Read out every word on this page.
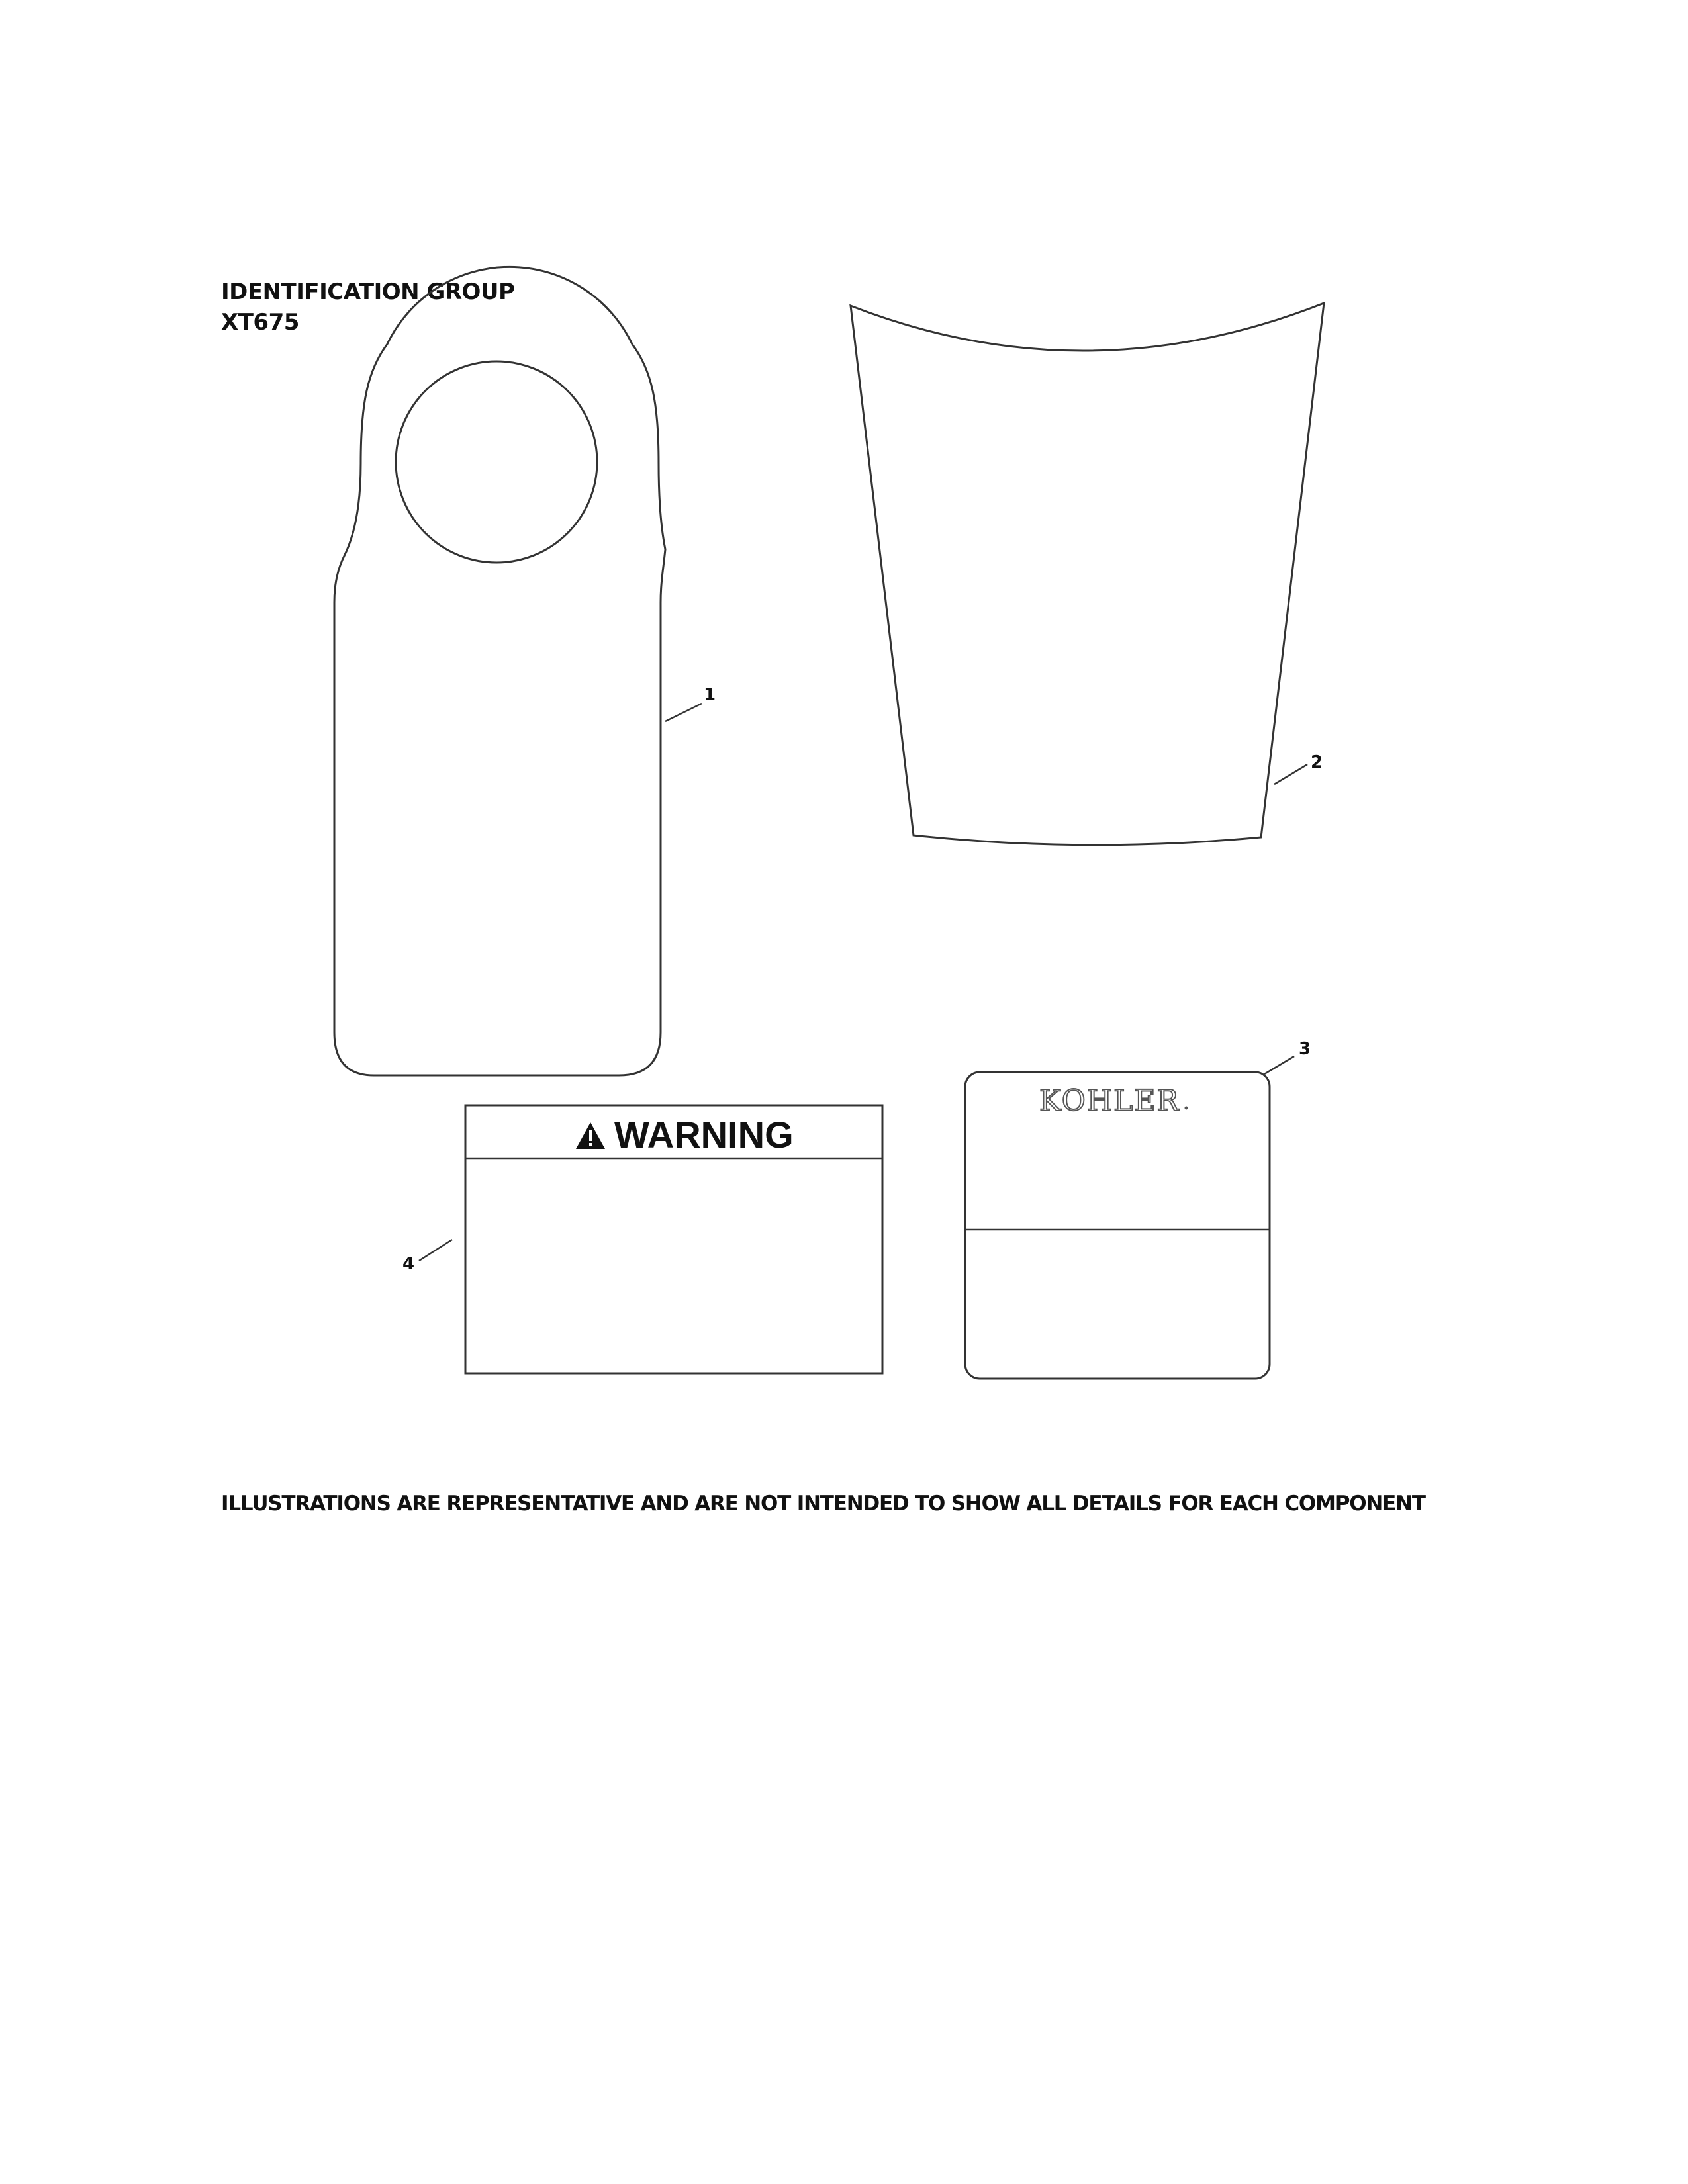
IDENTIFICATION GROUP
XT675
KOHLER
WARNING
1
2
3
4
ILLUSTRATIONS ARE REPRESENTATIVE AND ARE NOT INTENDED TO SHOW ALL DETAILS FOR EACH COMPONENT
